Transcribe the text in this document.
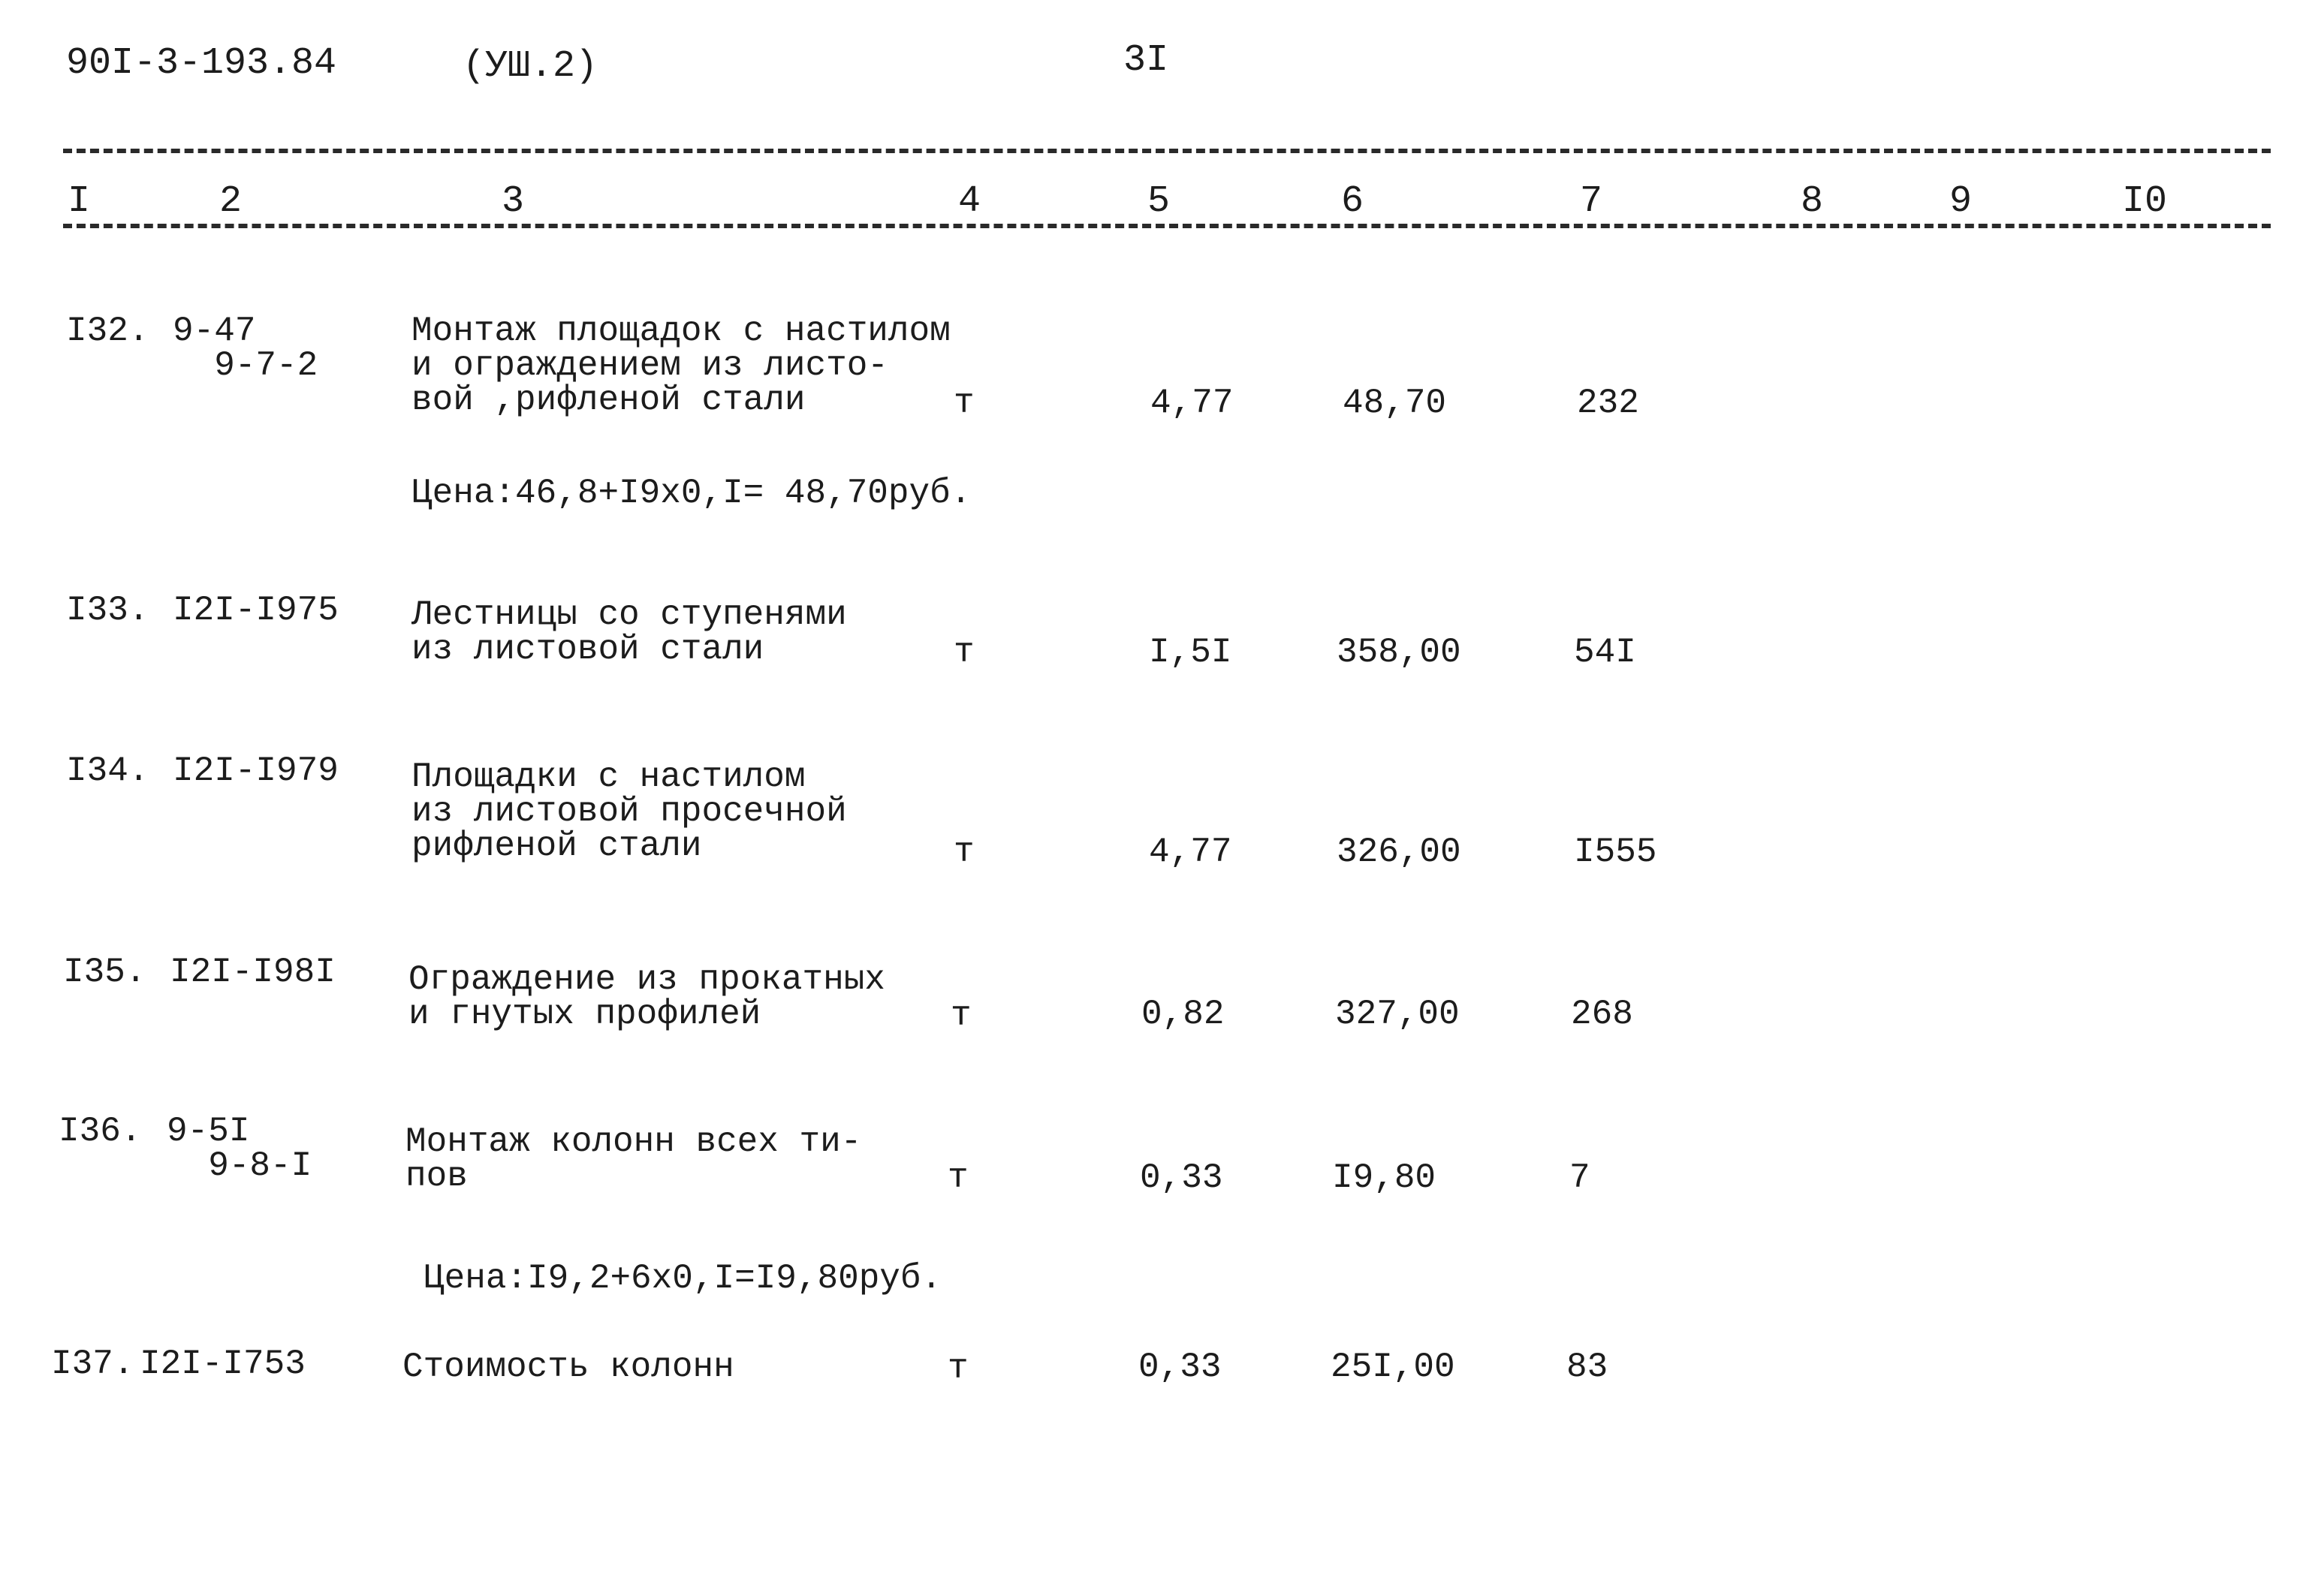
90I-3-193.84	(УШ.2)	3I
I	2	3	4	5	6	7	8	9	I0
I32. 9-47
9-7-2
Монтаж площадок с настилом
и ограждением из листо-
вой ,рифленой стали	т	4,77	48,70	232
Цена:46,8+I9x0,I= 48,70руб.
I33. I2I-I975 Лестницы со ступенями
из листовой стали	т	I,5I	358,00	54I
I34. I2I-I979 Площадки с настилом
из листовой просечной
рифленой стали	т	4,77	326,00	I555
I35. I2I-I98I Ограждение из прокатных
и гнутых профилей	т	0,82	327,00	268
I36. 9-5I
9-8-I
Монтаж колонн всех ти-
пов	т	0,33	I9,80	7
Цена:I9,2+6x0,I=I9,80руб.
I37. I2I-I753	Стоимость колонн	т	0,33	25I,00	83
